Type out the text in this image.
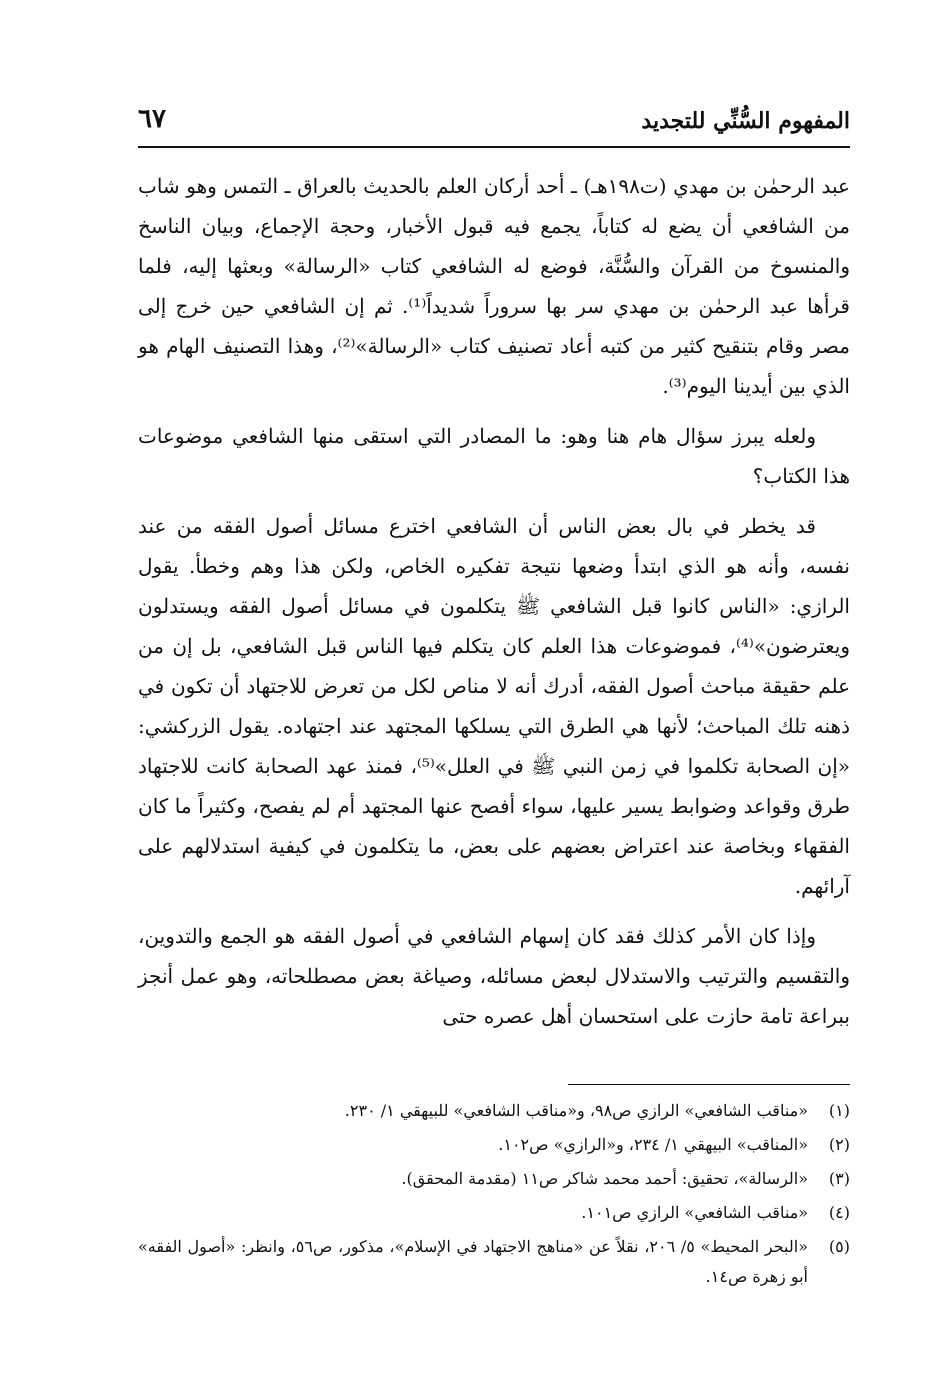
المفهوم السُّنِّي للتجديد
٦٧

عبد الرحمٰن بن مهدي (ت١٩٨هـ) ـ أحد أركان العلم بالحديث بالعراق ـ التمس وهو شاب من الشافعي أن يضع له كتاباً، يجمع فيه قبول الأخبار، وحجة الإجماع، وبيان الناسخ والمنسوخ من القرآن والسُّنَّة، فوضع له الشافعي كتاب «الرسالة» وبعثها إليه، فلما قرأها عبد الرحمٰن بن مهدي سر بها سروراً شديداً⁽¹⁾. ثم إن الشافعي حين خرج إلى مصر وقام بتنقيح كثير من كتبه أعاد تصنيف كتاب «الرسالة»⁽²⁾، وهذا التصنيف الهام هو الذي بين أيدينا اليوم⁽³⁾.

ولعله يبرز سؤال هام هنا وهو: ما المصادر التي استقى منها الشافعي موضوعات هذا الكتاب؟

قد يخطر في بال بعض الناس أن الشافعي اخترع مسائل أصول الفقه من عند نفسه، وأنه هو الذي ابتدأ وضعها نتيجة تفكيره الخاص، ولكن هذا وهم وخطأ. يقول الرازي: «الناس كانوا قبل الشافعي ﷺ يتكلمون في مسائل أصول الفقه ويستدلون ويعترضون»⁽⁴⁾، فموضوعات هذا العلم كان يتكلم فيها الناس قبل الشافعي، بل إن من علم حقيقة مباحث أصول الفقه، أدرك أنه لا مناص لكل من تعرض للاجتهاد أن تكون في ذهنه تلك المباحث؛ لأنها هي الطرق التي يسلكها المجتهد عند اجتهاده. يقول الزركشي: «إن الصحابة تكلموا في زمن النبي ﷺ في العلل»⁽⁵⁾، فمنذ عهد الصحابة كانت للاجتهاد طرق وقواعد وضوابط يسير عليها، سواء أفصح عنها المجتهد أم لم يفصح، وكثيراً ما كان الفقهاء وبخاصة عند اعتراض بعضهم على بعض، ما يتكلمون في كيفية استدلالهم على آرائهم.

وإذا كان الأمر كذلك فقد كان إسهام الشافعي في أصول الفقه هو الجمع والتدوين، والتقسيم والترتيب والاستدلال لبعض مسائله، وصياغة بعض مصطلحاته، وهو عمل أنجز ببراعة تامة حازت على استحسان أهل عصره حتى

(١)
«مناقب الشافعي» الرازي ص٩٨، و«مناقب الشافعي» للبيهقي ١/ ٢٣٠.
(٢)
«المناقب» البيهقي ١/ ٢٣٤، و«الرازي» ص١٠٢.
(٣)
«الرسالة»، تحقيق: أحمد محمد شاكر ص١١ (مقدمة المحقق).
(٤)
«مناقب الشافعي» الرازي ص١٠١.
(٥)
«البحر المحيط» ٥/ ٢٠٦، نقلاً عن «مناهج الاجتهاد في الإسلام»، مذكور، ص٥٦، وانظر: «أصول الفقه» أبو زهرة ص١٤.
